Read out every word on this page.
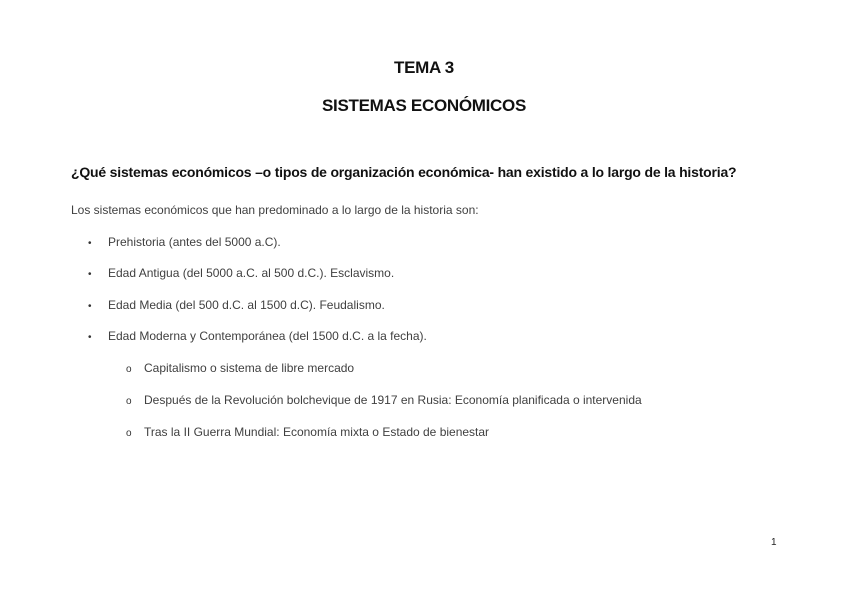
TEMA 3
SISTEMAS ECONÓMICOS
¿Qué sistemas económicos –o tipos de organización económica- han existido a lo largo de la historia?
Los sistemas económicos que han predominado a lo largo de la historia son:
• Prehistoria (antes del 5000 a.C).
• Edad Antigua (del 5000 a.C. al 500 d.C.). Esclavismo.
• Edad Media (del 500 d.C. al 1500 d.C). Feudalismo.
• Edad Moderna y Contemporánea (del 1500 d.C. a la fecha).
o Capitalismo o sistema de libre mercado
o Después de la Revolución bolchevique de 1917 en Rusia: Economía planificada o intervenida
o Tras la II Guerra Mundial: Economía mixta o Estado de bienestar
1
